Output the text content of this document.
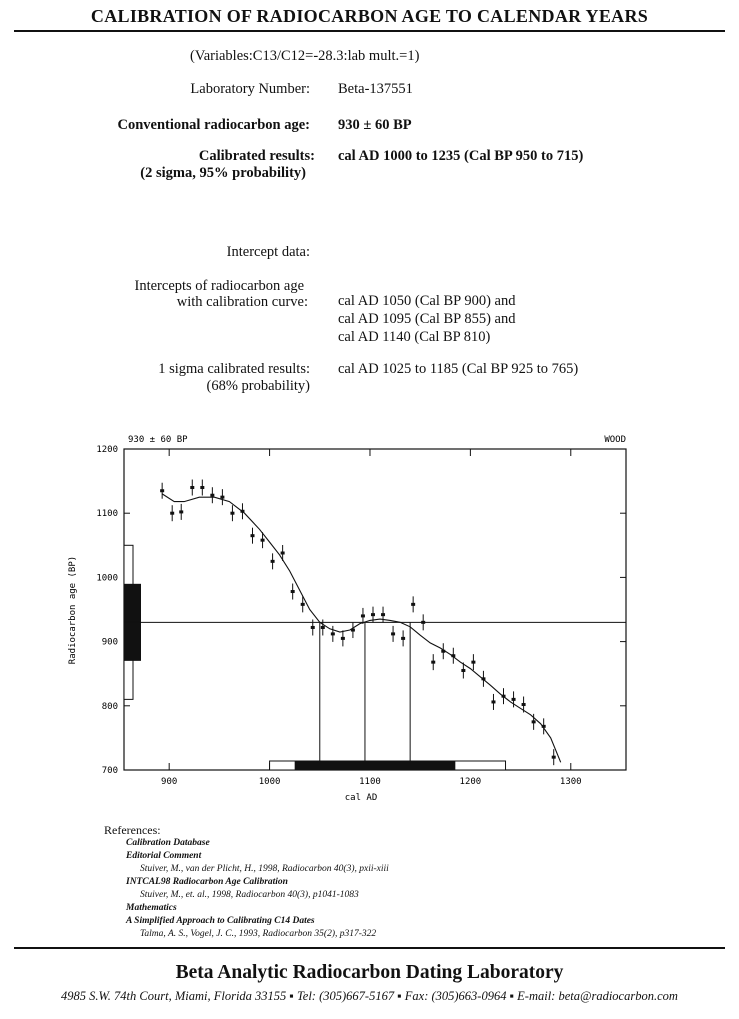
CALIBRATION OF RADIOCARBON AGE TO CALENDAR YEARS
(Variables:C13/C12=-28.3:lab mult.=1)
Laboratory Number: Beta-137551
Conventional radiocarbon age: 930 ± 60 BP
Calibrated results:
(2 sigma, 95% probability)
cal AD 1000 to 1235 (Cal BP 950 to 715)
Intercept data:
Intercepts of radiocarbon age
with calibration curve: cal AD 1050 (Cal BP 900) and
cal AD 1095 (Cal BP 855) and
cal AD 1140 (Cal BP 810)
1 sigma calibrated results:
(68% probability)
cal AD 1025 to 1185 (Cal BP 925 to 765)
930 ± 60 BP	WOOD
Radiocarbon age (BP)
cal AD
900	1000	1100	1200	1300
700
800
900
1000
1100
1200
References:
Calibration Database
Editorial Comment
Stuiver, M., van der Plicht, H., 1998, Radiocarbon 40(3), pxii-xiii
INTCAL98 Radiocarbon Age Calibration
Stuiver, M., et. al., 1998, Radiocarbon 40(3), p1041-1083
Mathematics
A Simplified Approach to Calibrating C14 Dates
Talma, A. S., Vogel, J. C., 1993, Radiocarbon 35(2), p317-322
Beta Analytic Radiocarbon Dating Laboratory
4985 S.W. 74th Court, Miami, Florida 33155 ▪ Tel: (305)667-5167 ▪ Fax: (305)663-0964 ▪ E-mail: beta@radiocarbon.com
